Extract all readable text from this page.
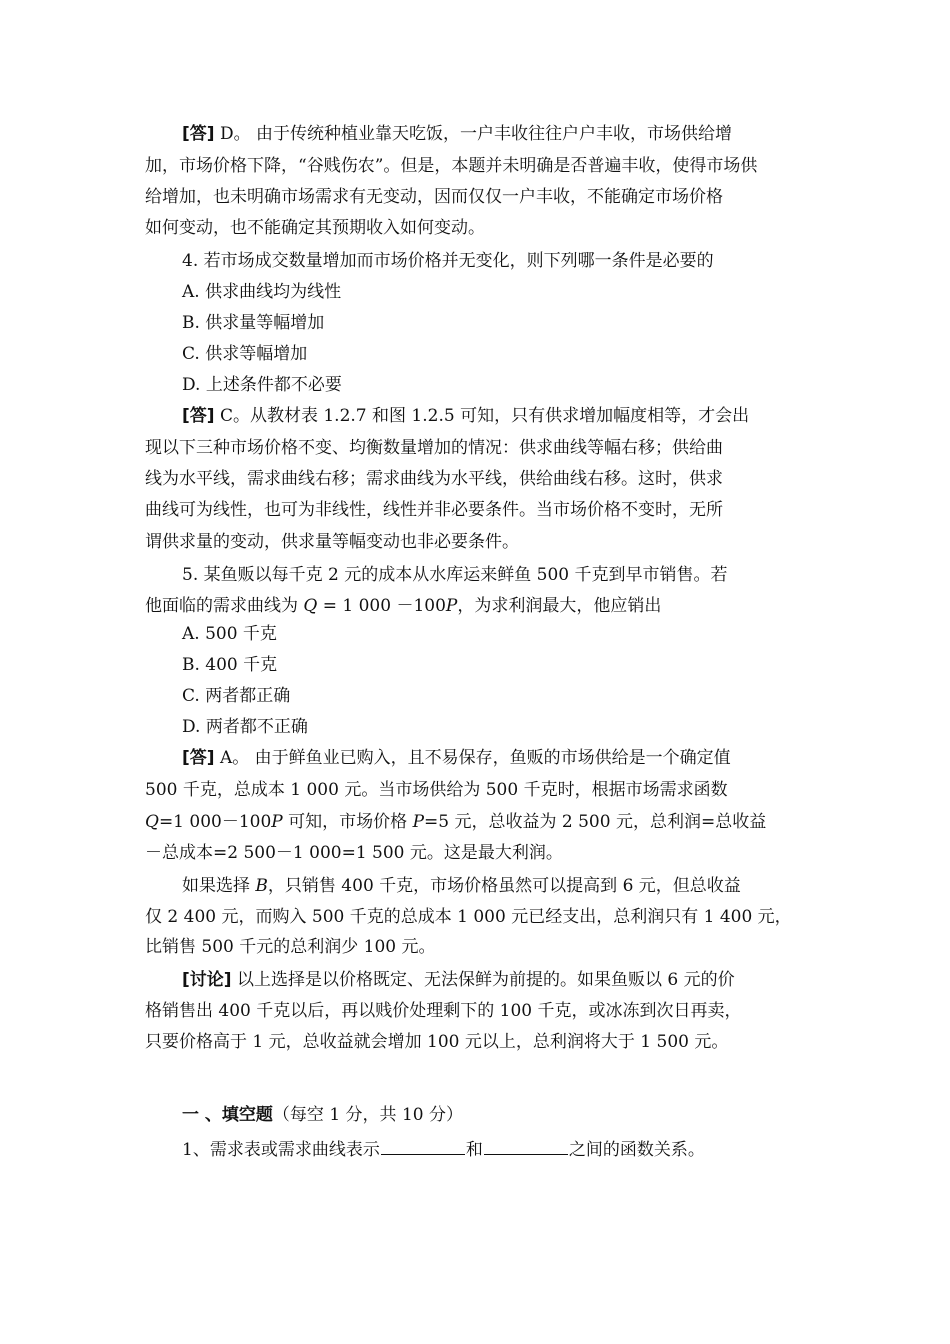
[答] D。 由于传统种植业靠天吃饭，一户丰收往往户户丰收，市场供给增
加，市场价格下降，“谷贱伤农”。但是，本题并未明确是否普遍丰收，使得市场供
给增加，也未明确市场需求有无变动，因而仅仅一户丰收，不能确定市场价格
如何变动，也不能确定其预期收入如何变动。
4. 若市场成交数量增加而市场价格并无变化，则下列哪一条件是必要的
A. 供求曲线均为线性
B. 供求量等幅增加
C. 供求等幅增加
D. 上述条件都不必要
[答] C。从教材表 1.2.7 和图 1.2.5 可知，只有供求增加幅度相等，才会出
现以下三种市场价格不变、均衡数量增加的情况：供求曲线等幅右移；供给曲
线为水平线，需求曲线右移；需求曲线为水平线，供给曲线右移。这时，供求
曲线可为线性，也可为非线性，线性并非必要条件。当市场价格不变时，无所
谓供求量的变动，供求量等幅变动也非必要条件。
5. 某鱼贩以每千克 2 元的成本从水库运来鲜鱼 500 千克到早市销售。若
他面临的需求曲线为 Q = 1 000 －100P，为求利润最大，他应销出
A. 500 千克
B. 400 千克
C. 两者都正确
D. 两者都不正确
[答] A。 由于鲜鱼业已购入，且不易保存，鱼贩的市场供给是一个确定值
500 千克，总成本 1 000 元。当市场供给为 500 千克时，根据市场需求函数
Q=1 000－100P 可知，市场价格 P=5 元，总收益为 2 500 元，总利润=总收益
－总成本=2 500－1 000=1 500 元。这是最大利润。
如果选择 B，只销售 400 千克，市场价格虽然可以提高到 6 元，但总收益
仅 2 400 元，而购入 500 千克的总成本 1 000 元已经支出，总利润只有 1 400 元，
比销售 500 千元的总利润少 100 元。
[讨论] 以上选择是以价格既定、无法保鲜为前提的。如果鱼贩以 6 元的价
格销售出 400 千克以后，再以贱价处理剩下的 100 千克，或冰冻到次日再卖，
只要价格高于 1 元，总收益就会增加 100 元以上，总利润将大于 1 500 元。
一 、填空题（每空 1 分，共 10 分）
1、需求表或需求曲线表示	和	之间的函数关系。
